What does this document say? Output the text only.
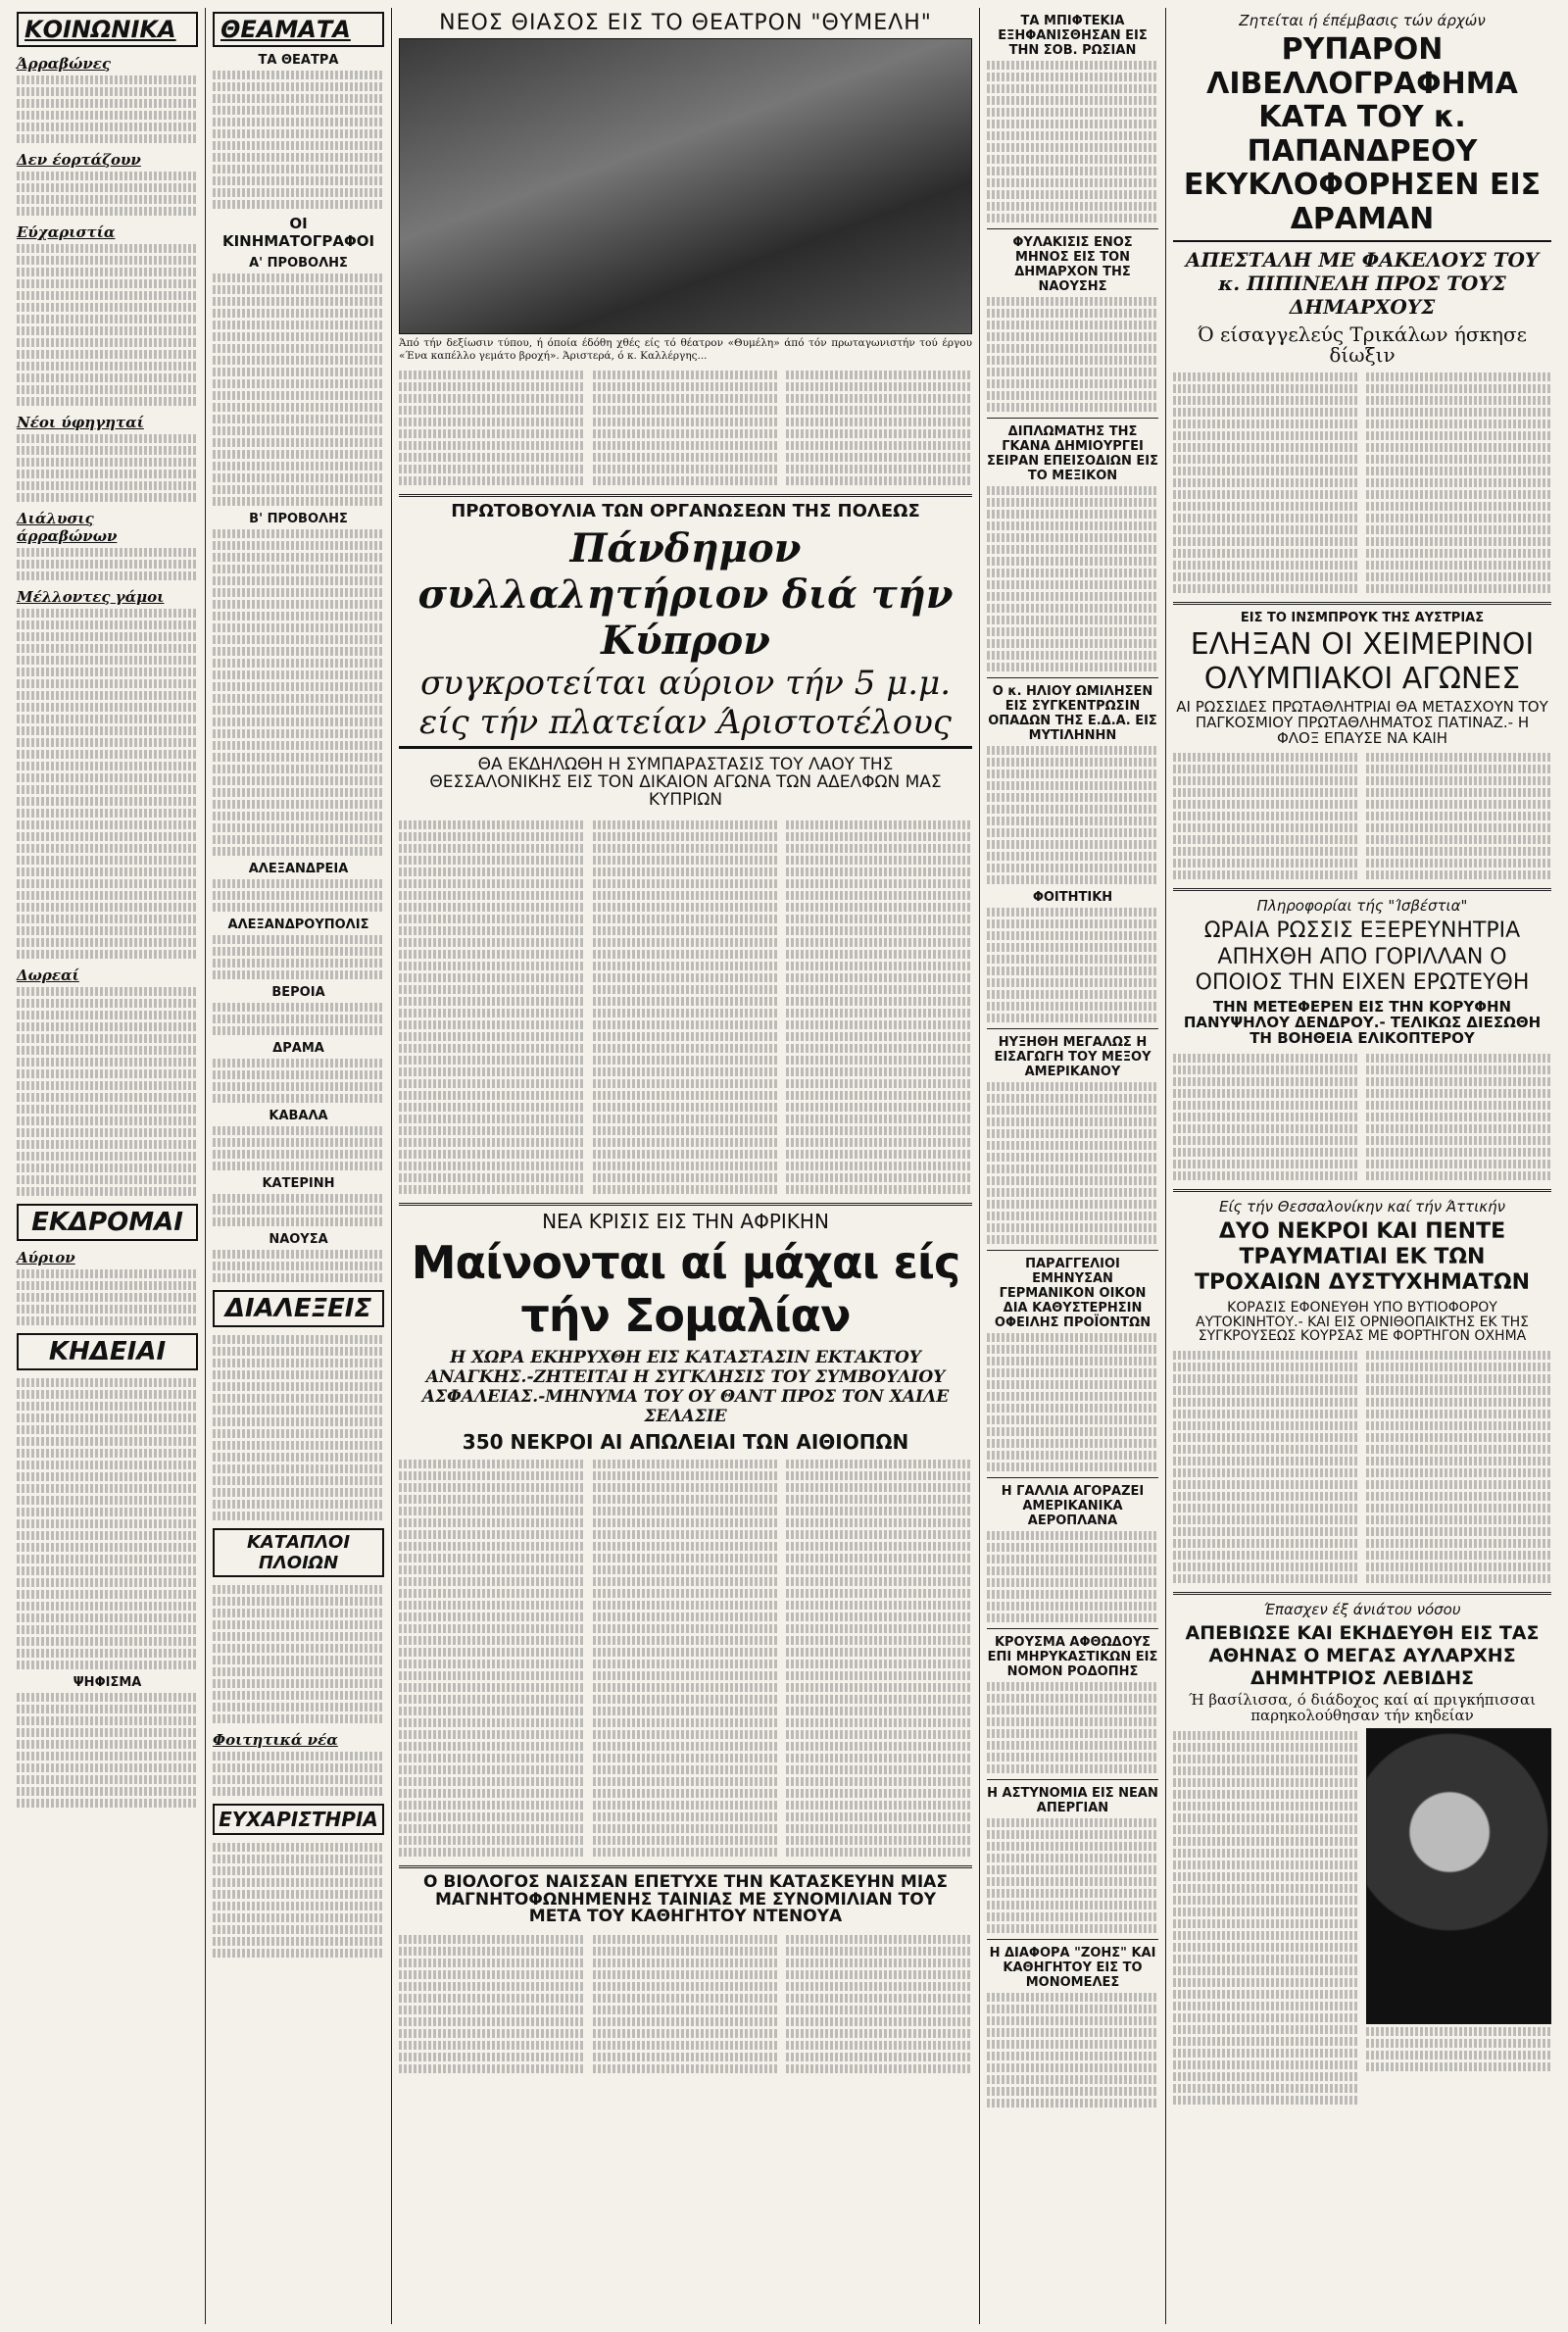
ΚΟΙΝΩΝΙΚΑ
Άρραβώνες
Δεν έορτάζουν
Εύχαριστία
Νέοι ύφηγηταί
Διάλυσις άρραβώνων
Μέλλοντες γάμοι
Δωρεαί
ΕΚΔΡΟΜΑΙ
Αύριον
ΚΗΔΕΙΑΙ
ΨΗΦΙΣΜΑ
ΘΕΑΜΑΤΑ
ΤΑ ΘΕΑΤΡΑ
ΟΙ ΚΙΝΗΜΑΤΟΓΡΑΦΟΙ
Α' ΠΡΟΒΟΛΗΣ
Β' ΠΡΟΒΟΛΗΣ
ΑΛΕΞΑΝΔΡΕΙΑ
ΑΛΕΞΑΝΔΡΟΥΠΟΛΙΣ
ΒΕΡΟΙΑ
ΔΡΑΜΑ
ΚΑΒΑΛΑ
ΚΑΤΕΡΙΝΗ
ΝΑΟΥΣΑ
ΔΙΑΛΕΞΕΙΣ
ΚΑΤΑΠΛΟΙ ΠΛΟΙΩΝ
Φοιτητικά νέα
ΕΥΧΑΡΙΣΤΗΡΙΑ
ΝΕΟΣ ΘΙΑΣΟΣ ΕΙΣ ΤΟ ΘΕΑΤΡΟΝ "ΘΥΜΕΛΗ"
Άπό τήν δεξίωσιν τύπου, ή όποία έδόθη χθές είς τό θέατρον «Θυμέλη» άπό τόν πρωταγωνιστήν τού έργου «Ένα καπέλλο γεμάτο βροχή». Άριστερά, ό κ. Καλλέργης...
ΠΡΩΤΟΒΟΥΛΙΑ ΤΩΝ ΟΡΓΑΝΩΣΕΩΝ ΤΗΣ ΠΟΛΕΩΣ
Πάνδημον συλλαλητήριον διά τήν Κύπρον
συγκροτείται αύριον τήν 5 μ.μ.
είς τήν πλατείαν Άριστοτέλους
ΘΑ ΕΚΔΗΛΩΘΗ Η ΣΥΜΠΑΡΑΣΤΑΣΙΣ ΤΟΥ ΛΑΟΥ ΤΗΣ ΘΕΣΣΑΛΟΝΙΚΗΣ ΕΙΣ ΤΟΝ ΔΙΚΑΙΟΝ ΑΓΩΝΑ ΤΩΝ ΑΔΕΛΦΩΝ ΜΑΣ ΚΥΠΡΙΩΝ
ΝΕΑ ΚΡΙΣΙΣ ΕΙΣ ΤΗΝ ΑΦΡΙΚΗΝ
Μαίνονται αί μάχαι είς τήν Σομαλίαν
Η ΧΩΡΑ ΕΚΗΡΥΧΘΗ ΕΙΣ ΚΑΤΑΣΤΑΣΙΝ ΕΚΤΑΚΤΟΥ ΑΝΑΓΚΗΣ.-ΖΗΤΕΙΤΑΙ Η ΣΥΓΚΛΗΣΙΣ ΤΟΥ ΣΥΜΒΟΥΛΙΟΥ ΑΣΦΑΛΕΙΑΣ.-ΜΗΝΥΜΑ ΤΟΥ ΟΥ ΘΑΝΤ ΠΡΟΣ ΤΟΝ ΧΑΙΛΕ ΣΕΛΑΣΙΕ
350 ΝΕΚΡΟΙ ΑΙ ΑΠΩΛΕΙΑΙ ΤΩΝ ΑΙΘΙΟΠΩΝ
Ο ΒΙΟΛΟΓΟΣ ΝΑΙΣΣΑΝ ΕΠΕΤΥΧΕ ΤΗΝ ΚΑΤΑΣΚΕΥΗΝ ΜΙΑΣ ΜΑΓΝΗΤΟΦΩΝΗΜΕΝΗΣ ΤΑΙΝΙΑΣ ΜΕ ΣΥΝΟΜΙΛΙΑΝ ΤΟΥ ΜΕΤΑ ΤΟΥ ΚΑΘΗΓΗΤΟΥ ΝΤΕΝΟΥΑ
ΤΑ ΜΠΙΦΤΕΚΙΑ ΕΞΗΦΑΝΙΣΘΗΣΑΝ ΕΙΣ ΤΗΝ ΣΟΒ. ΡΩΣΙΑΝ
ΦΥΛΑΚΙΣΙΣ ΕΝΟΣ ΜΗΝΟΣ ΕΙΣ ΤΟΝ ΔΗΜΑΡΧΟΝ ΤΗΣ ΝΑΟΥΣΗΣ
ΔΙΠΛΩΜΑΤΗΣ ΤΗΣ ΓΚΑΝΑ ΔΗΜΙΟΥΡΓΕΙ ΣΕΙΡΑΝ ΕΠΕΙΣΟΔΙΩΝ ΕΙΣ ΤΟ ΜΕΞΙΚΟΝ
Ο κ. ΗΛΙΟΥ ΩΜΙΛΗΣΕΝ ΕΙΣ ΣΥΓΚΕΝΤΡΩΣΙΝ ΟΠΑΔΩΝ ΤΗΣ Ε.Δ.Α. ΕΙΣ ΜΥΤΙΛΗΝΗΝ
ΦΟΙΤΗΤΙΚΗ
ΗΥΞΗΘΗ ΜΕΓΑΛΩΣ Η ΕΙΣΑΓΩΓΗ ΤΟΥ ΜΕΞΟΥ ΑΜΕΡΙΚΑΝΟΥ
ΠΑΡΑΓΓΕΛΙΟΙ ΕΜΗΝΥΣΑΝ ΓΕΡΜΑΝΙΚΟΝ ΟΙΚΟΝ ΔΙΑ ΚΑΘΥΣΤΕΡΗΣΙΝ ΟΦΕΙΛΗΣ ΠΡΟΪΟΝΤΩΝ
Η ΓΑΛΛΙΑ ΑΓΟΡΑΖΕΙ ΑΜΕΡΙΚΑΝΙΚΑ ΑΕΡΟΠΛΑΝΑ
ΚΡΟΥΣΜΑ ΑΦΘΩΔΟΥΣ ΕΠΙ ΜΗΡΥΚΑΣΤΙΚΩΝ ΕΙΣ ΝΟΜΟΝ ΡΟΔΟΠΗΣ
Η ΑΣΤΥΝΟΜΙΑ ΕΙΣ ΝΕΑΝ ΑΠΕΡΓΙΑΝ
Η ΔΙΑΦΟΡΑ "ΖΟΗΣ" ΚΑΙ ΚΑΘΗΓΗΤΟΥ ΕΙΣ ΤΟ ΜΟΝΟΜΕΛΕΣ
Ζητείται ή έπέμβασις τών άρχών
ΡΥΠΑΡΟΝ ΛΙΒΕΛΛΟΓΡΑΦΗΜΑ ΚΑΤΑ ΤΟΥ κ. ΠΑΠΑΝΔΡΕΟΥ ΕΚΥΚΛΟΦΟΡΗΣΕΝ ΕΙΣ ΔΡΑΜΑΝ
ΑΠΕΣΤΑΛΗ ΜΕ ΦΑΚΕΛΟΥΣ ΤΟΥ κ. ΠΙΠΙΝΕΛΗ ΠΡΟΣ ΤΟΥΣ ΔΗΜΑΡΧΟΥΣ
Ό είσαγγελεύς Τρικάλων ήσκησε δίωξιν
ΕΙΣ ΤΟ ΙΝΣΜΠΡΟΥΚ ΤΗΣ ΑΥΣΤΡΙΑΣ
ΕΛΗΞΑΝ ΟΙ ΧΕΙΜΕΡΙΝΟΙ ΟΛΥΜΠΙΑΚΟΙ ΑΓΩΝΕΣ
ΑΙ ΡΩΣΣΙΔΕΣ ΠΡΩΤΑΘΛΗΤΡΙΑΙ ΘΑ ΜΕΤΑΣΧΟΥΝ ΤΟΥ ΠΑΓΚΟΣΜΙΟΥ ΠΡΩΤΑΘΛΗΜΑΤΟΣ ΠΑΤΙΝΑΖ.- Η ΦΛΟΞ ΕΠΑΥΣΕ ΝΑ ΚΑΙΗ
Πληροφορίαι τής "Ίσβέστια"
ΩΡΑΙΑ ΡΩΣΣΙΣ ΕΞΕΡΕΥΝΗΤΡΙΑ ΑΠΗΧΘΗ ΑΠΟ ΓΟΡΙΛΛΑΝ Ο ΟΠΟΙΟΣ ΤΗΝ ΕΙΧΕΝ ΕΡΩΤΕΥΘΗ
ΤΗΝ ΜΕΤΕΦΕΡΕΝ ΕΙΣ ΤΗΝ ΚΟΡΥΦΗΝ ΠΑΝΥΨΗΛΟΥ ΔΕΝΔΡΟΥ.- ΤΕΛΙΚΩΣ ΔΙΕΣΩΘΗ ΤΗ ΒΟΗΘΕΙΑ ΕΛΙΚΟΠΤΕΡΟΥ
Είς τήν Θεσσαλονίκην καί τήν Άττικήν
ΔΥΟ ΝΕΚΡΟΙ ΚΑΙ ΠΕΝΤΕ ΤΡΑΥΜΑΤΙΑΙ ΕΚ ΤΩΝ ΤΡΟΧΑΙΩΝ ΔΥΣΤΥΧΗΜΑΤΩΝ
ΚΟΡΑΣΙΣ ΕΦΟΝΕΥΘΗ ΥΠΟ ΒΥΤΙΟΦΟΡΟΥ ΑΥΤΟΚΙΝΗΤΟΥ.- ΚΑΙ ΕΙΣ ΟΡΝΙΘΟΠΑΙΚΤΗΣ ΕΚ ΤΗΣ ΣΥΓΚΡΟΥΣΕΩΣ ΚΟΥΡΣΑΣ ΜΕ ΦΟΡΤΗΓΟΝ ΟΧΗΜΑ
Έπασχεν έξ άνιάτου νόσου
ΑΠΕΒΙΩΣΕ ΚΑΙ ΕΚΗΔΕΥΘΗ ΕΙΣ ΤΑΣ ΑΘΗΝΑΣ Ο ΜΕΓΑΣ ΑΥΛΑΡΧΗΣ ΔΗΜΗΤΡΙΟΣ ΛΕΒΙΔΗΣ
Ή βασίλισσα, ό διάδοχος καί αί πριγκήπισσαι παρηκολούθησαν τήν κηδείαν
